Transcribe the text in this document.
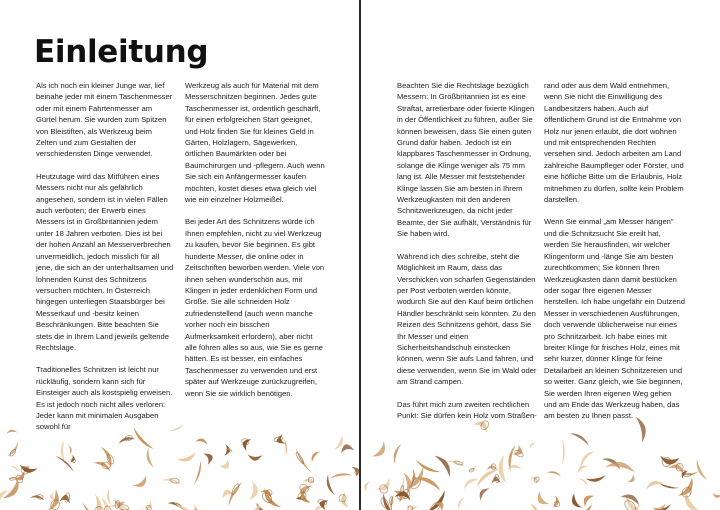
Einleitung

Als ich noch ein kleiner Junge war, lief beinahe jeder mit einem Taschenmesser oder mit einem Fahrtenmesser am Gürtel herum. Sie wurden zum Spitzen von Bleistiften, als Werkzeug beim Zelten und zum Gestalten der verschiedensten Dinge verwendet.

Heutzutage wird das Mitführen eines Messers nicht nur als gefährlich angesehen, sondern ist in vielen Fällen auch verboten; der Erwerb eines Messers ist in Großbritannien jedem unter 18 Jahren verboten. Dies ist bei der hohen Anzahl an Messerverbrechen unvermeidlich, jedoch misslich für all jene, die sich an der unterhaltsamen und lohnenden Kunst des Schnitzens versuchen möchten. In Österreich hingegen unterliegen Staatsbürger bei Messerkauf und -besitz keinen Beschränkungen. Bitte beachten Sie stets die in Ihrem Land jeweils geltende Rechtslage.

Traditionelles Schnitzen ist leicht nur rückläufig, sondern kann sich für Einsteiger auch als kostspielig erweisen. Es ist jedoch noch nicht alles verloren: Jeder kann mit minimalen Ausgaben sowohl für

Werkzeug als auch für Material mit dem Messerschnitzen beginnen. Jedes gute Taschenmesser ist, ordentlich geschärft, für einen erfolgreichen Start geeignet, und Holz finden Sie für kleines Geld in Gärten, Holzlagern, Sägewerken, örtlichen Baumärkten oder bei Baumchirurgen und -pflegern. Auch wenn Sie sich ein Anfängermesser kaufen möchten, kostet dieses etwa gleich viel wie ein einzelner Holzmeißel.

Bei jeder Art des Schnitzens würde ich Ihnen empfehlen, nicht zu viel Werkzeug zu kaufen, bevor Sie beginnen. Es gibt hunderte Messer, die online oder in Zeitschriften beworben werden. Viele von ihnen sehen wunderschön aus, mit Klingen in jeder erdenklichen Form und Größe. Sie alle schneiden Holz zufriedenstellend (auch wenn manche vorher noch ein bisschen Aufmerksamkeit erfordern), aber nicht alle führen alles so aus, wie Sie es gerne hätten. Es ist besser, ein einfaches Taschenmesser zu verwenden und erst später auf Werkzeuge zurückzugreifen, wenn Sie sie wirklich benötigen.

Beachten Sie die Rechtslage bezüglich Messern: In Großbritannien ist es eine Straftat, arretierbare oder fixierte Klingen in der Öffentlichkeit zu führen, außer Sie können beweisen, dass Sie einen guten Grund dafür haben. Jedoch ist ein klappbares Taschenmesser in Ordnung, solange die Klinge weniger als 75 mm lang ist. Alle Messer mit feststehender Klinge lassen Sie am besten in Ihrem Werkzeugkasten mit den anderen Schnitzwerkzeugen, da nicht jeder Beamte, der Sie aufhält, Verständnis für Sie haben wird.

Während ich dies schreibe, steht die Möglichkeit im Raum, dass das Verschicken von scharfen Gegenständen per Post verboten werden könnte, wodurch Sie auf den Kauf beim örtlichen Händler beschränkt sein könnten. Zu den Reizen des Schnitzens gehört, dass Sie Ihr Messer und einen Sicherheitshandschuh einstecken können, wenn Sie aufs Land fahren, und diese verwenden, wenn Sie im Wald oder am Strand campen.

Das führt mich zum zweiten rechtlichen Punkt: Sie dürfen kein Holz vom Straßen-

rand oder aus dem Wald entnehmen, wenn Sie nicht die Einwilligung des Landbesitzers haben. Auch auf öffentlichem Grund ist die Entnahme von Holz nur jenen erlaubt, die dort wohnen und mit entsprechenden Rechten versehen sind. Jedoch arbeiten am Land zahlreiche Baumpfleger oder Förster, und eine höfliche Bitte um die Erlaubnis, Holz mitnehmen zu dürfen, sollte kein Problem darstellen.

Wenn Sie einmal „am Messer hängen" und die Schnitzsucht Sie ereilt hat, werden Sie herausfinden, wir welcher Klingenform und -länge Sie am besten zurechtkommen; Sie können Ihren Werkzeugkasten dann damit bestücken oder sogar Ihre eigenen Messer herstellen. Ich habe ungefähr ein Dutzend Messer in verschiedenen Ausführungen, doch verwende üblicherweise nur eines pro Schnitzarbeit. Ich habe eines mit breiter Klinge für frisches Holz, eines mit sehr kurzer, dünner Klinge für feine Detailarbeit an kleinen Schnitzereien und so weiter. Ganz gleich, wie Sie beginnen, Sie werden Ihren eigenen Weg gehen und am Ende das Werkzeug haben, das am besten zu Ihnen passt.
